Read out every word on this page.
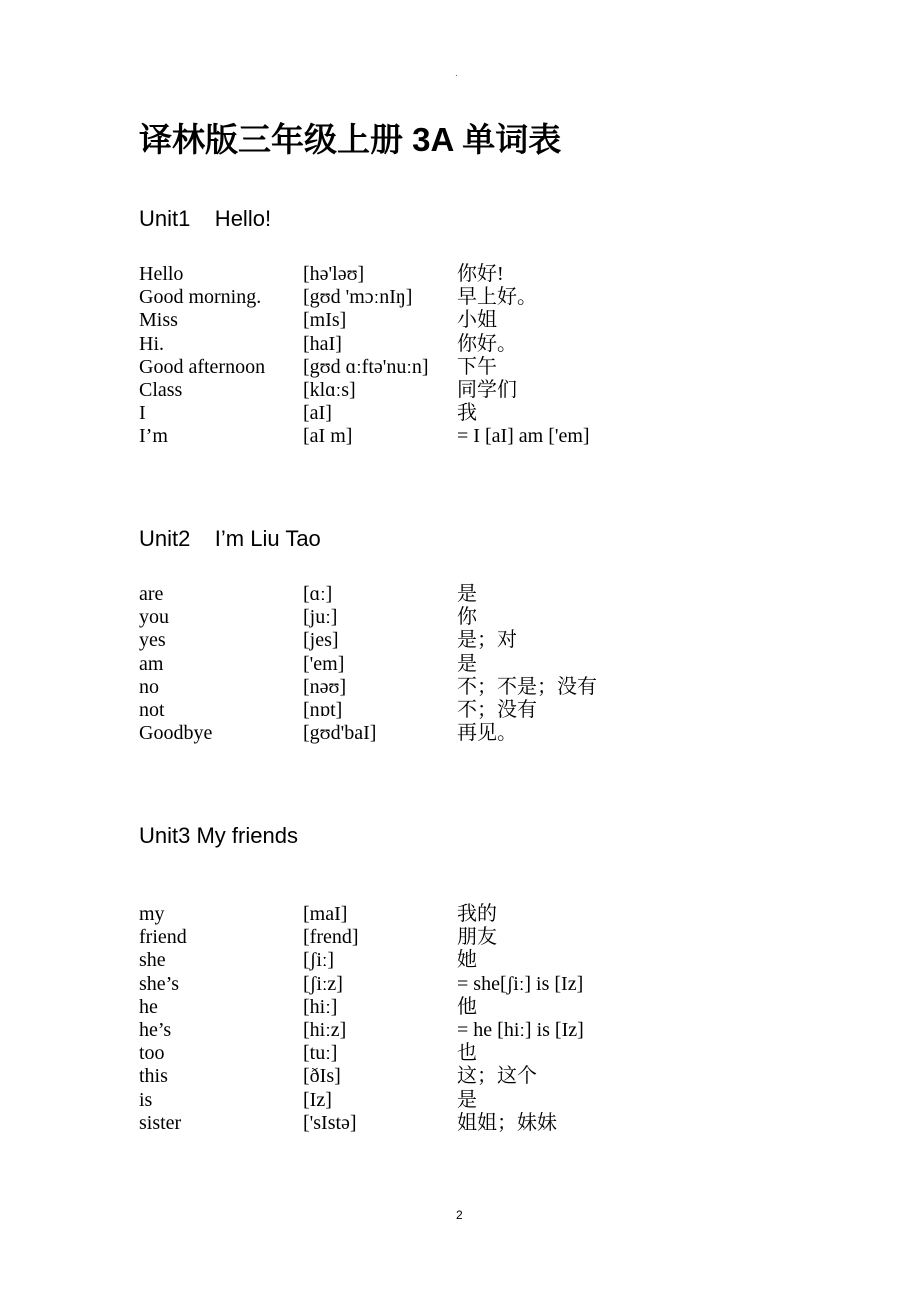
.
译林版三年级上册 3A 单词表
Unit1    Hello!
Hello	[hə'ləʊ]	你好!
Good morning.	[gʊd 'mɔːnIŋ]	早上好。
Miss	[mIs]	小姐
Hi.	[haI]	你好。
Good afternoon	[gʊd ɑːftə'nuːn]	下午
Class	[klɑːs]	同学们
I	[aI]	我
I’m	[aI m]	= I [aI] am ['em]
Unit2    I’m Liu Tao
are	[ɑː]	是
you	[juː]	你
yes	[jes]	是；对
am	['em]	是
no	[nəʊ]	不；不是；没有
not	[nɒt]	不；没有
Goodbye	[gʊd'baI]	再见。
Unit3 My friends
my	[maI]	我的
friend	[frend]	朋友
she	[ʃiː]	她
she’s	[ʃiːz]	= she[ʃiː] is [Iz]
he	[hiː]	他
he’s	[hiːz]	= he [hiː] is [Iz]
too	[tuː]	也
this	[ðIs]	这；这个
is	[Iz]	是
sister	['sIstə]	姐姐；妹妹
2
